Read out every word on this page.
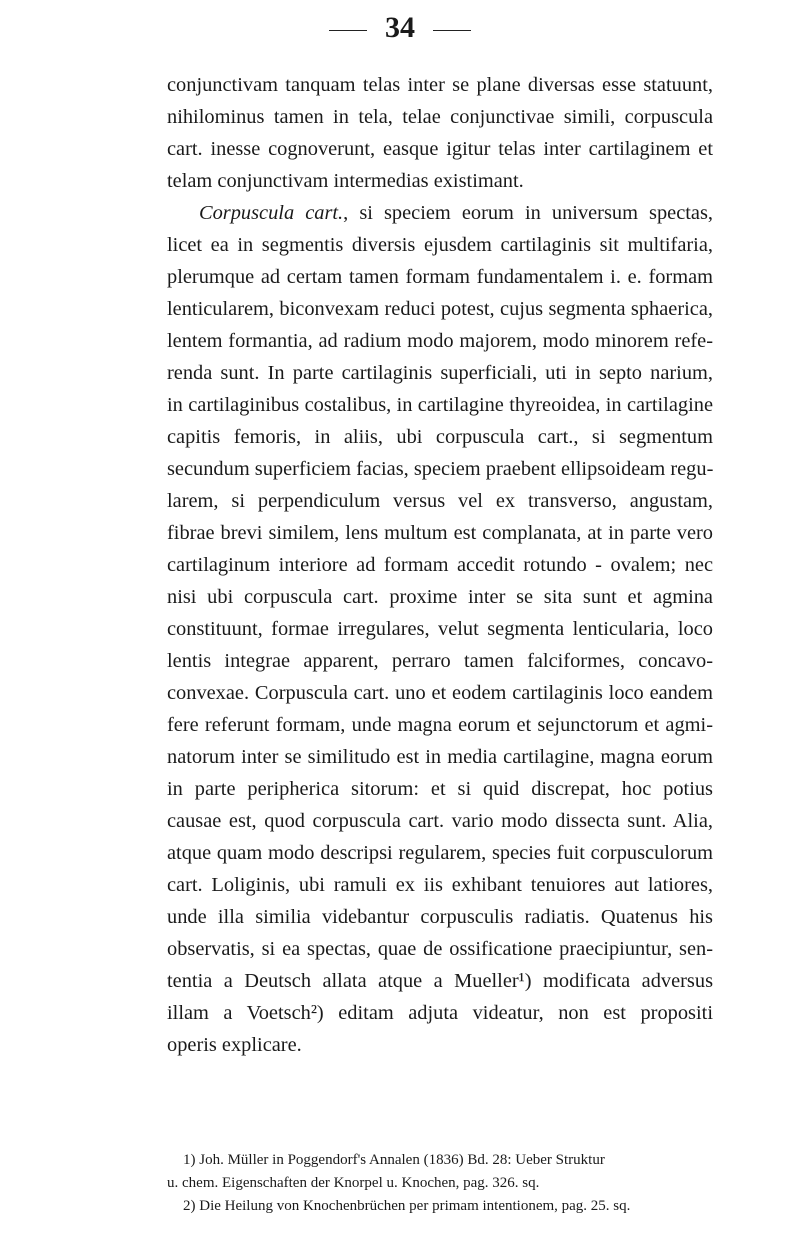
34
conjunctivam tanquam telas inter se plane diversas esse statuunt,
nihilominus tamen in tela, telae conjunctivae simili, corpuscula
cart. inesse cognoverunt, easque igitur telas inter cartilaginem et
telam conjunctivam intermedias existimant.
Corpuscula cart., si speciem eorum in universum spectas,
licet ea in segmentis diversis ejusdem cartilaginis sit multifaria,
plerumque ad certam tamen formam fundamentalem i. e. formam
lenticularem, biconvexam reduci potest, cujus segmenta sphaerica,
lentem formantia, ad radium modo majorem, modo minorem refe-
renda sunt. In parte cartilaginis superficiali, uti in septo narium,
in cartilaginibus costalibus, in cartilagine thyreoidea, in cartilagine
capitis femoris, in aliis, ubi corpuscula cart., si segmentum
secundum superficiem facias, speciem praebent ellipsoideam regu-
larem, si perpendiculum versus vel ex transverso, angustam,
fibrae brevi similem, lens multum est complanata, at in parte vero
cartilaginum interiore ad formam accedit rotundo - ovalem; nec
nisi ubi corpuscula cart. proxime inter se sita sunt et agmina
constituunt, formae irregulares, velut segmenta lenticularia, loco
lentis integrae apparent, perraro tamen falciformes, concavo-
convexae. Corpuscula cart. uno et eodem cartilaginis loco eandem
fere referunt formam, unde magna eorum et sejunctorum et agmi-
natorum inter se similitudo est in media cartilagine, magna eorum
in parte peripherica sitorum: et si quid discrepat, hoc potius
causae est, quod corpuscula cart. vario modo dissecta sunt. Alia,
atque quam modo descripsi regularem, species fuit corpusculorum
cart. Loliginis, ubi ramuli ex iis exhibant tenuiores aut latiores,
unde illa similia videbantur corpusculis radiatis. Quatenus his
observatis, si ea spectas, quae de ossificatione praecipiuntur, sen-
tentia a Deutsch allata atque a Mueller¹) modificata adversus
illam a Voetsch²) editam adjuta videatur, non est propositi
operis explicare.
1) Joh. Müller in Poggendorf's Annalen (1836) Bd. 28: Ueber Struktur
u. chem. Eigenschaften der Knorpel u. Knochen, pag. 326. sq.
2) Die Heilung von Knochenbrüchen per primam intentionem, pag. 25. sq.
